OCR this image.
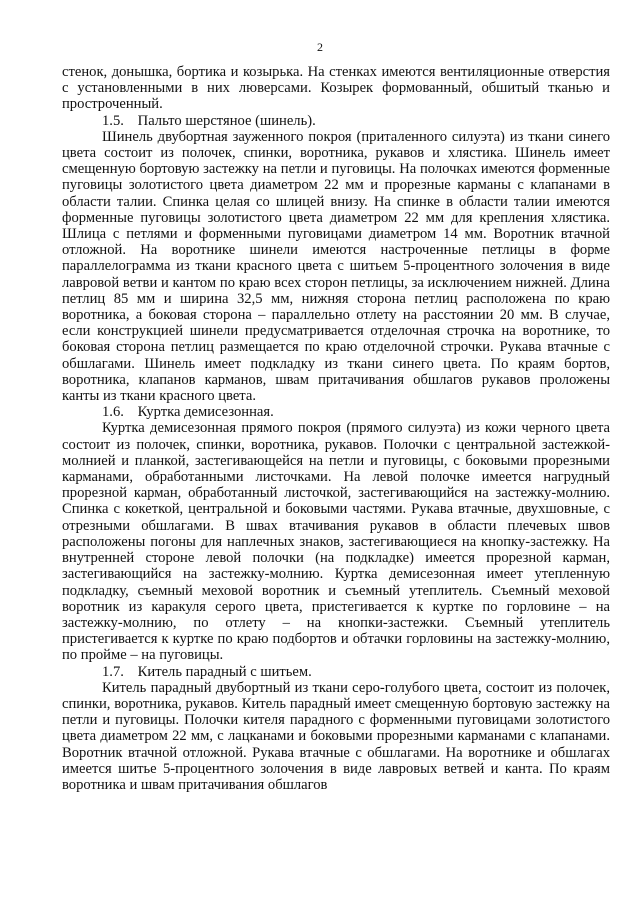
2

стенок, донышка, бортика и козырька. На стенках имеются вентиляционные отверстия с установленными в них люверсами. Козырек формованный, обшитый тканью и простроченный.

1.5. Пальто шерстяное (шинель).

Шинель двубортная зауженного покроя (приталенного силуэта) из ткани синего цвета состоит из полочек, спинки, воротника, рукавов и хлястика. Шинель имеет смещенную бортовую застежку на петли и пуговицы. На полочках имеются форменные пуговицы золотистого цвета диаметром 22 мм и прорезные карманы с клапанами в области талии. Спинка целая со шлицей внизу. На спинке в области талии имеются форменные пуговицы золотистого цвета диаметром 22 мм для крепления хлястика. Шлица с петлями и форменными пуговицами диаметром 14 мм. Воротник втачной отложной. На воротнике шинели имеются настроченные петлицы в форме параллелограмма из ткани красного цвета с шитьем 5-процентного золочения в виде лавровой ветви и кантом по краю всех сторон петлицы, за исключением нижней. Длина петлиц 85 мм и ширина 32,5 мм, нижняя сторона петлиц расположена по краю воротника, а боковая сторона – параллельно отлету на расстоянии 20 мм. В случае, если конструкцией шинели предусматривается отделочная строчка на воротнике, то боковая сторона петлиц размещается по краю отделочной строчки. Рукава втачные с обшлагами. Шинель имеет подкладку из ткани синего цвета. По краям бортов, воротника, клапанов карманов, швам притачивания обшлагов рукавов проложены канты из ткани красного цвета.

1.6. Куртка демисезонная.

Куртка демисезонная прямого покроя (прямого силуэта) из кожи черного цвета состоит из полочек, спинки, воротника, рукавов. Полочки с центральной застежкой-молнией и планкой, застегивающейся на петли и пуговицы, с боковыми прорезными карманами, обработанными листочками. На левой полочке имеется нагрудный прорезной карман, обработанный листочкой, застегивающийся на застежку-молнию. Спинка с кокеткой, центральной и боковыми частями. Рукава втачные, двухшовные, с отрезными обшлагами. В швах втачивания рукавов в области плечевых швов расположены погоны для наплечных знаков, застегивающиеся на кнопку-застежку. На внутренней стороне левой полочки (на подкладке) имеется прорезной карман, застегивающийся на застежку-молнию. Куртка демисезонная имеет утепленную подкладку, съемный меховой воротник и съемный утеплитель. Съемный меховой воротник из каракуля серого цвета, пристегивается к куртке по горловине – на застежку-молнию, по отлету – на кнопки-застежки. Съемный утеплитель пристегивается к куртке по краю подбортов и обтачки горловины на застежку-молнию, по пройме – на пуговицы.

1.7. Китель парадный с шитьем.

Китель парадный двубортный из ткани серо-голубого цвета, состоит из полочек, спинки, воротника, рукавов. Китель парадный имеет смещенную бортовую застежку на петли и пуговицы. Полочки кителя парадного с форменными пуговицами золотистого цвета диаметром 22 мм, с лацканами и боковыми прорезными карманами с клапанами. Воротник втачной отложной. Рукава втачные с обшлагами. На воротнике и обшлагах имеется шитье 5-процентного золочения в виде лавровых ветвей и канта. По краям воротника и швам притачивания обшлагов
